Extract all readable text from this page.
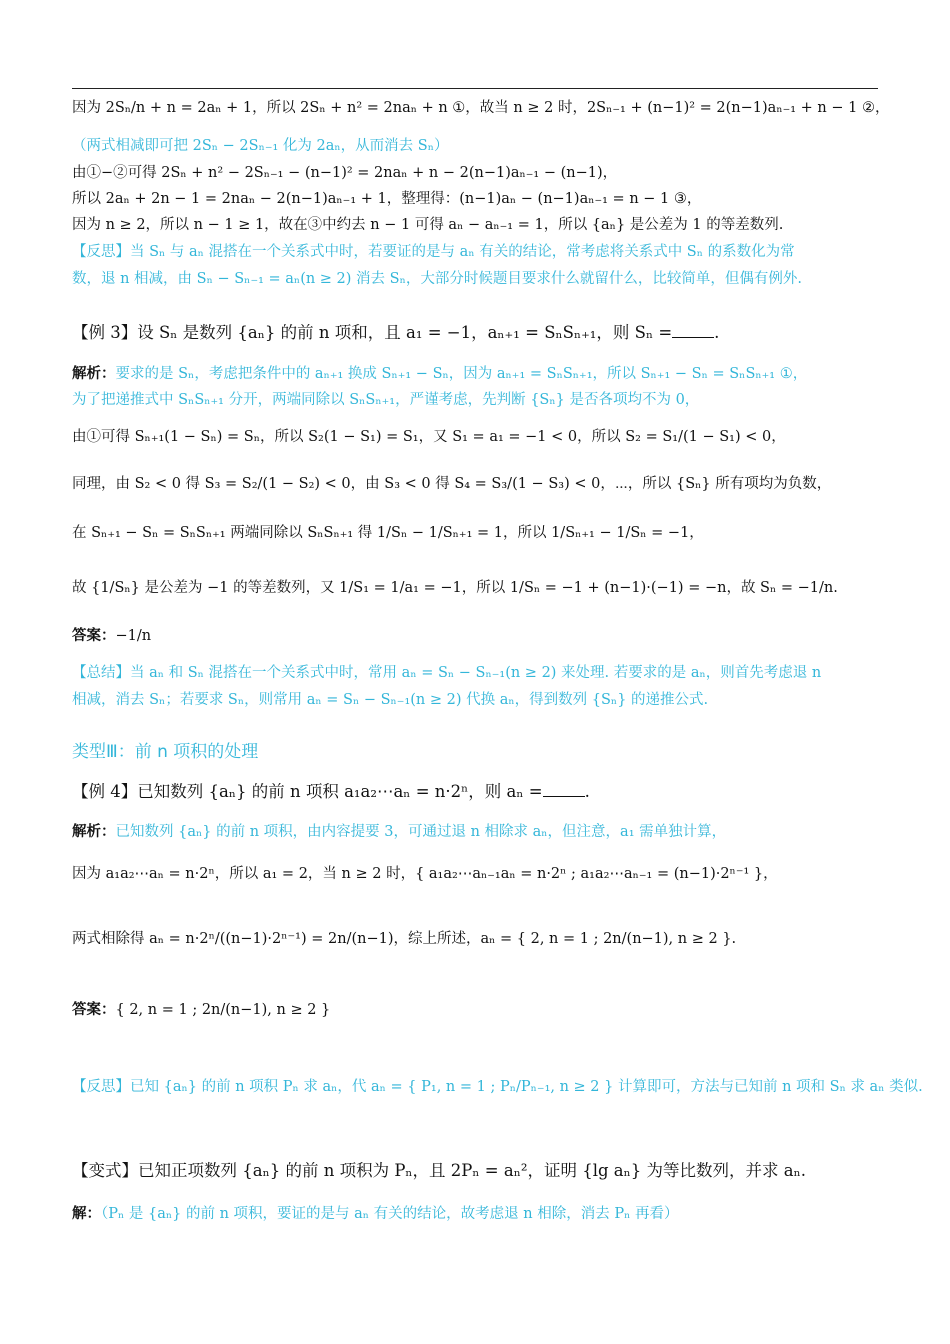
因为 2Sₙ/n + n = 2aₙ + 1，所以 2Sₙ + n² = 2naₙ + n ①，故当 n ≥ 2 时，2Sₙ₋₁ + (n−1)² = 2(n−1)aₙ₋₁ + n − 1 ②，
（两式相减即可把 2Sₙ − 2Sₙ₋₁ 化为 2aₙ，从而消去 Sₙ）
由①−②可得 2Sₙ + n² − 2Sₙ₋₁ − (n−1)² = 2naₙ + n − 2(n−1)aₙ₋₁ − (n−1)，
所以 2aₙ + 2n − 1 = 2naₙ − 2(n−1)aₙ₋₁ + 1，整理得：(n−1)aₙ − (n−1)aₙ₋₁ = n − 1 ③，
因为 n ≥ 2，所以 n − 1 ≥ 1，故在③中约去 n − 1 可得 aₙ − aₙ₋₁ = 1，所以 {aₙ} 是公差为 1 的等差数列.
【反思】当 Sₙ 与 aₙ 混搭在一个关系式中时，若要证的是与 aₙ 有关的结论，常考虑将关系式中 Sₙ 的系数化为常
数，退 n 相减，由 Sₙ − Sₙ₋₁ = aₙ(n ≥ 2) 消去 Sₙ，大部分时候题目要求什么就留什么，比较简单，但偶有例外.
【例 3】设 Sₙ 是数列 {aₙ} 的前 n 项和，且 a₁ = −1，aₙ₊₁ = SₙSₙ₊₁，则 Sₙ =	.
解析：要求的是 Sₙ，考虑把条件中的 aₙ₊₁ 换成 Sₙ₊₁ − Sₙ，因为 aₙ₊₁ = SₙSₙ₊₁，所以 Sₙ₊₁ − Sₙ = SₙSₙ₊₁ ①，
为了把递推式中 SₙSₙ₊₁ 分开，两端同除以 SₙSₙ₊₁，严谨考虑，先判断 {Sₙ} 是否各项均不为 0，
由①可得 Sₙ₊₁(1 − Sₙ) = Sₙ，所以 S₂(1 − S₁) = S₁，又 S₁ = a₁ = −1 < 0，所以 S₂ = S₁/(1 − S₁) < 0，
同理，由 S₂ < 0 得 S₃ = S₂/(1 − S₂) < 0，由 S₃ < 0 得 S₄ = S₃/(1 − S₃) < 0，⋯，所以 {Sₙ} 所有项均为负数，
在 Sₙ₊₁ − Sₙ = SₙSₙ₊₁ 两端同除以 SₙSₙ₊₁ 得 1/Sₙ − 1/Sₙ₊₁ = 1，所以 1/Sₙ₊₁ − 1/Sₙ = −1，
故 {1/Sₙ} 是公差为 −1 的等差数列，又 1/S₁ = 1/a₁ = −1，所以 1/Sₙ = −1 + (n−1)·(−1) = −n，故 Sₙ = −1/n.
答案：−1/n
【总结】当 aₙ 和 Sₙ 混搭在一个关系式中时，常用 aₙ = Sₙ − Sₙ₋₁(n ≥ 2) 来处理. 若要求的是 aₙ，则首先考虑退 n
相减，消去 Sₙ；若要求 Sₙ，则常用 aₙ = Sₙ − Sₙ₋₁(n ≥ 2) 代换 aₙ，得到数列 {Sₙ} 的递推公式.
类型Ⅲ：前 n 项积的处理
【例 4】已知数列 {aₙ} 的前 n 项积 a₁a₂⋯aₙ = n·2ⁿ，则 aₙ =	.
解析：已知数列 {aₙ} 的前 n 项积，由内容提要 3，可通过退 n 相除求 aₙ，但注意，a₁ 需单独计算，
因为 a₁a₂⋯aₙ = n·2ⁿ，所以 a₁ = 2，当 n ≥ 2 时，{ a₁a₂⋯aₙ₋₁aₙ = n·2ⁿ ; a₁a₂⋯aₙ₋₁ = (n−1)·2ⁿ⁻¹ }，
两式相除得 aₙ = n·2ⁿ/((n−1)·2ⁿ⁻¹) = 2n/(n−1)，综上所述，aₙ = { 2, n = 1 ; 2n/(n−1), n ≥ 2 }.
答案：{ 2, n = 1 ; 2n/(n−1), n ≥ 2 }
【反思】已知 {aₙ} 的前 n 项积 Pₙ 求 aₙ，代 aₙ = { P₁, n = 1 ; Pₙ/Pₙ₋₁, n ≥ 2 } 计算即可，方法与已知前 n 项和 Sₙ 求 aₙ 类似.
【变式】已知正项数列 {aₙ} 的前 n 项积为 Pₙ，且 2Pₙ = aₙ²，证明 {lg aₙ} 为等比数列，并求 aₙ.
解：（Pₙ 是 {aₙ} 的前 n 项积，要证的是与 aₙ 有关的结论，故考虑退 n 相除，消去 Pₙ 再看）
